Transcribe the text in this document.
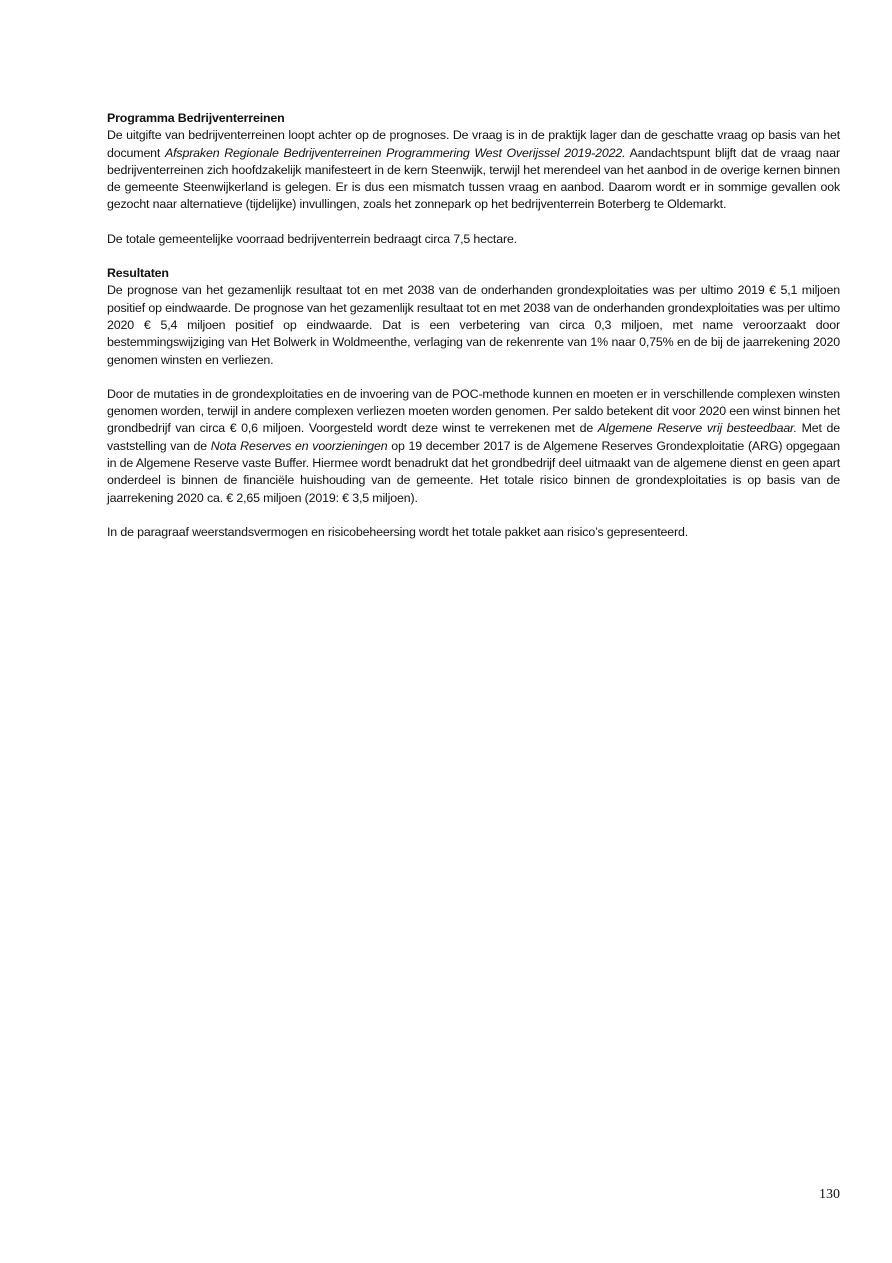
Programma Bedrijventerreinen

De uitgifte van bedrijventerreinen loopt achter op de prognoses. De vraag is in de praktijk lager dan de geschatte vraag op basis van het document Afspraken Regionale Bedrijventerreinen Programmering West Overijssel 2019-2022. Aandachtspunt blijft dat de vraag naar bedrijventerreinen zich hoofdzakelijk manifesteert in de kern Steenwijk, terwijl het merendeel van het aanbod in de overige kernen binnen de gemeente Steenwijkerland is gelegen. Er is dus een mismatch tussen vraag en aanbod. Daarom wordt er in sommige gevallen ook gezocht naar alternatieve (tijdelijke) invullingen, zoals het zonnepark op het bedrijventerrein Boterberg te Oldemarkt.

De totale gemeentelijke voorraad bedrijventerrein bedraagt circa 7,5 hectare.

Resultaten

De prognose van het gezamenlijk resultaat tot en met 2038 van de onderhanden grondexploitaties was per ultimo 2019 € 5,1 miljoen positief op eindwaarde. De prognose van het gezamenlijk resultaat tot en met 2038 van de onderhanden grondexploitaties was per ultimo 2020 € 5,4 miljoen positief op eindwaarde. Dat is een verbetering van circa 0,3 miljoen, met name veroorzaakt door bestemmingswijziging van Het Bolwerk in Woldmeenthe, verlaging van de rekenrente van 1% naar 0,75% en de bij de jaarrekening 2020 genomen winsten en verliezen.

Door de mutaties in de grondexploitaties en de invoering van de POC-methode kunnen en moeten er in verschillende complexen winsten genomen worden, terwijl in andere complexen verliezen moeten worden genomen. Per saldo betekent dit voor 2020 een winst binnen het grondbedrijf van circa € 0,6 miljoen. Voorgesteld wordt deze winst te verrekenen met de Algemene Reserve vrij besteedbaar. Met de vaststelling van de Nota Reserves en voorzieningen op 19 december 2017 is de Algemene Reserves Grondexploitatie (ARG) opgegaan in de Algemene Reserve vaste Buffer. Hiermee wordt benadrukt dat het grondbedrijf deel uitmaakt van de algemene dienst en geen apart onderdeel is binnen de financiële huishouding van de gemeente. Het totale risico binnen de grondexploitaties is op basis van de jaarrekening 2020 ca. € 2,65 miljoen (2019: € 3,5 miljoen).

In de paragraaf weerstandsvermogen en risicobeheersing wordt het totale pakket aan risico’s gepresenteerd.

130
